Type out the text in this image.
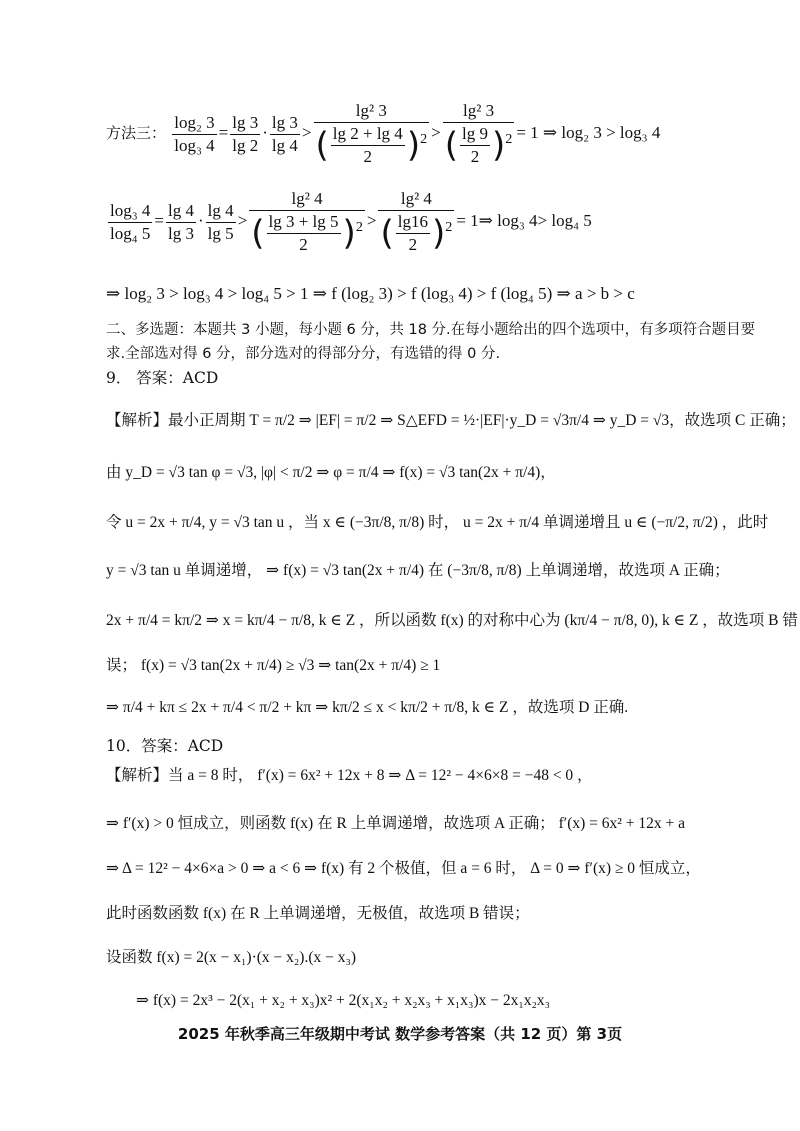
方法三： $\frac{\text{log₂ 3}}{\text{log₃ 4}} = \frac{\lg 3}{\lg 2} \cdot \frac{\lg 3}{\lg 4} > \frac{\text{lg² 3}}{( \frac{\lg 2 + \lg 4}{2} )^2} > \frac{\text{lg² 3}}{( \frac{\lg 9}{2} )^2} = 1$ ⇒ log₂ 3 > log₃ 4
$\frac{\text{log₃ 4}}{\text{log₄ 5}} = \frac{\lg 4}{\lg 3} \cdot \frac{\lg 4}{\lg 5} > \frac{\text{lg² 4}}{( \frac{\lg 3 + \lg 5}{2} )^2} > \frac{\text{lg² 4}}{( \frac{\lg 16}{2} )^2}$ = 1⇒ log₃ 4> log₄ 5
⇒ log₂ 3 > log₃ 4 > log₄ 5 > 1 ⇒ f (log₂ 3) > f (log₃ 4) > f (log₄ 5) ⇒ a > b > c
二、多选题：本题共 3 小题，每小题 6 分，共 18 分.在每小题给出的四个选项中，有多项符合题目要求.全部选对得 6 分，部分选对的得部分分，有选错的得 0 分.
9． 答案：ACD
【解析】最小正周期 T = π/2 ⇒ |EF| = π/2 ⇒ S△EFD = ½·|EF|·y_D = √3π/4 ⇒ y_D = √3，故选项 C 正确；
由 y_D = √3 tan φ = √3, |φ| < π/2 ⇒ φ = π/4 ⇒ f(x) = √3 tan(2x + π/4)，
令 u = 2x + π/4, y = √3 tan u ，当 x ∈ (−3π/8, π/8) 时， u = 2x + π/4 单调递增且 u ∈ (−π/2, π/2) ，此时
y = √3 tan u 单调递增， ⇒ f(x) = √3 tan(2x + π/4) 在 (−3π/8, π/8) 上单调递增，故选项 A 正确；
2x + π/4 = kπ/2 ⇒ x = kπ/4 − π/8, k ∈ Z ，所以函数 f(x) 的对称中心为 (kπ/4 − π/8, 0), k ∈ Z ，故选项 B 错
误； f(x) = √3 tan(2x + π/4) ≥ √3 ⇒ tan(2x + π/4) ≥ 1
⇒ π/4 + kπ ≤ 2x + π/4 < π/2 + kπ ⇒ kπ/2 ≤ x < kπ/2 + π/8, k ∈ Z ，故选项 D 正确.
10．答案：ACD
【解析】当 a = 8 时， f′(x) = 6x² + 12x + 8 ⇒ Δ = 12² − 4×6×8 = −48 < 0 ，
⇒ f′(x) > 0 恒成立，则函数 f(x) 在 R 上单调递增，故选项 A 正确； f′(x) = 6x² + 12x + a
⇒ Δ = 12² − 4×6×a > 0 ⇒ a < 6 ⇒ f(x) 有 2 个极值，但 a = 6 时， Δ = 0 ⇒ f′(x) ≥ 0 恒成立，
此时函数函数 f(x) 在 R 上单调递增，无极值，故选项 B 错误；
设函数 f(x) = 2(x − x₁)·(x − x₂).(x − x₃)
⇒ f(x) = 2x³ − 2(x₁ + x₂ + x₃)x² + 2(x₁x₂ + x₂x₃ + x₁x₃)x − 2x₁x₂x₃
2025 年秋季高三年级期中考试 数学参考答案（共 12 页）第 3页
